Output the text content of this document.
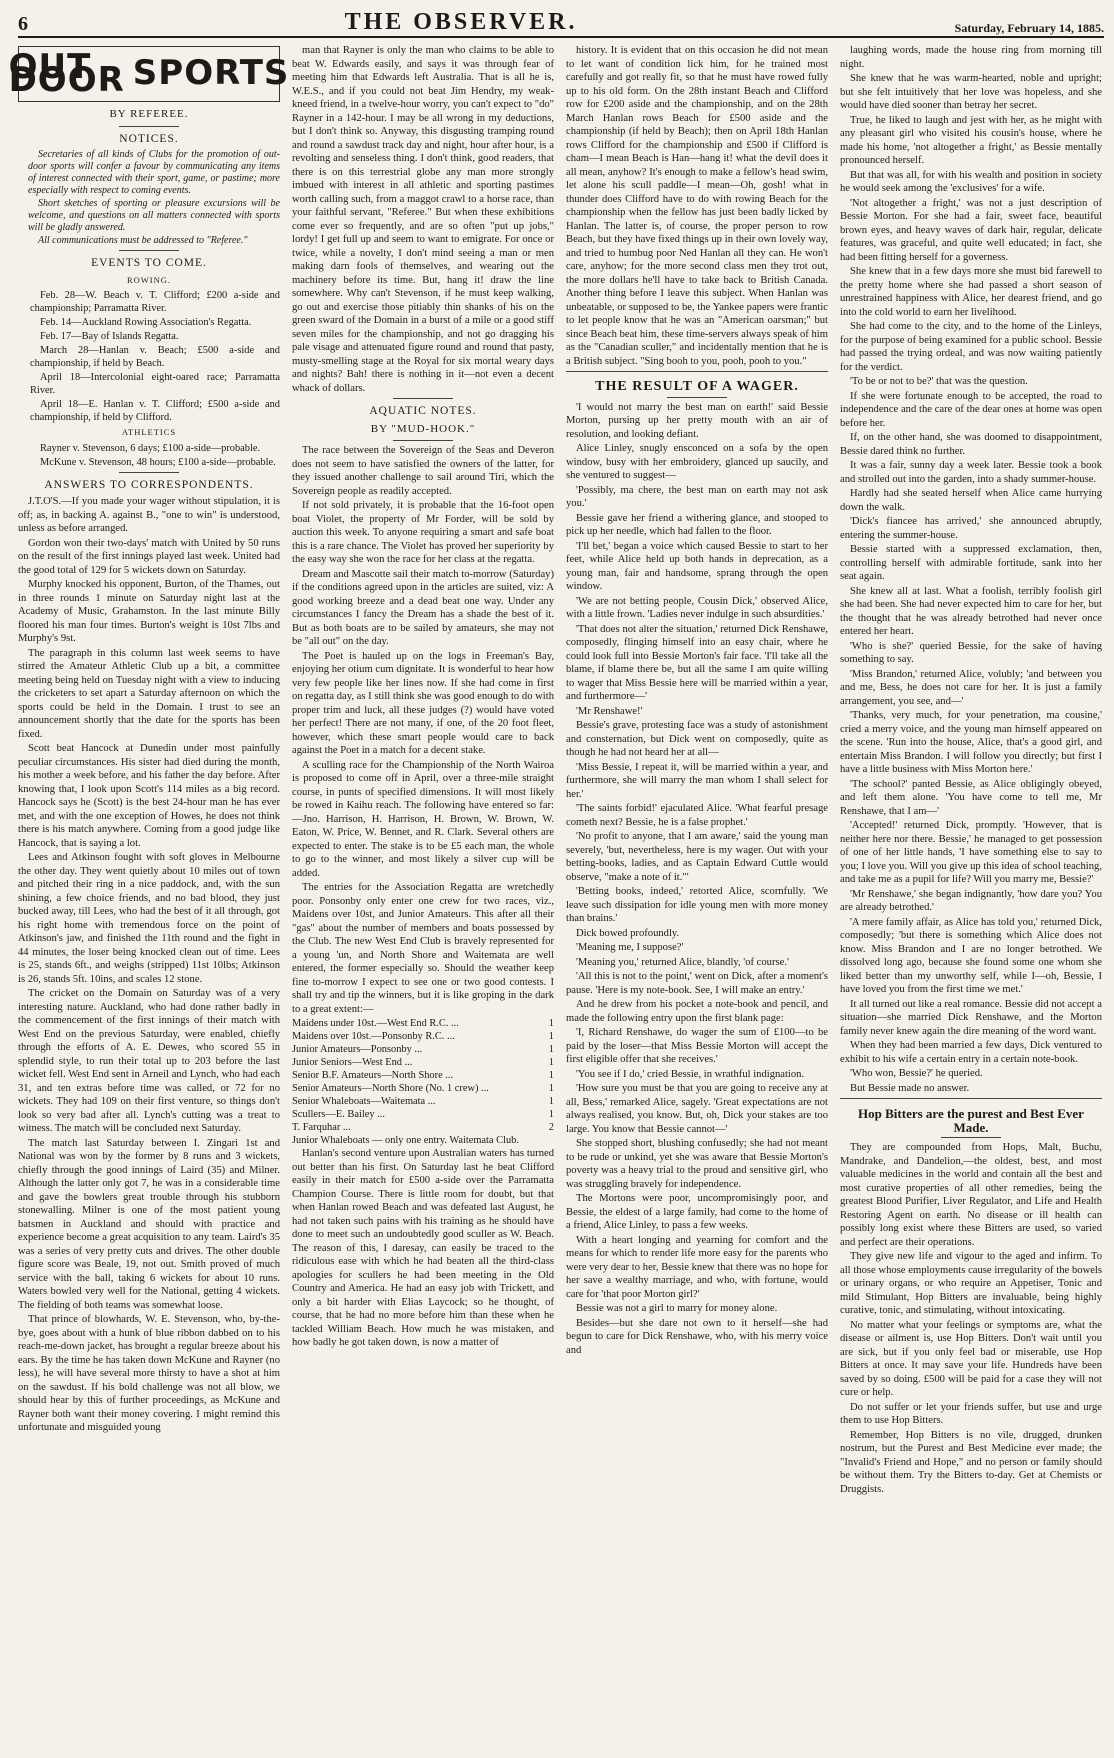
6	THE OBSERVER.	Saturday, February 14, 1885.
OUT DOOR SPORTS
BY REFEREE.
NOTICES.

Secretaries of all kinds of Clubs for the promotion of out-door sports will confer a favour by communicating any items of interest connected with their sport, game, or pastime; more especially with respect to coming events.

Short sketches of sporting or pleasure excursions will be welcome, and questions on all matters connected with sports will be gladly answered.

All communications must be addressed to "Referee."

EVENTS TO COME.
ROWING.

Feb. 28—W. Beach v. T. Clifford; £200 a-side and championship; Parramatta River.

Feb. 14—Auckland Rowing Association's Regatta.

Feb. 17—Bay of Islands Regatta.

March 28—Hanlan v. Beach; £500 a-side and championship, if held by Beach.

April 18—Intercolonial eight-oared race; Parramatta River.

April 18—E. Hanlan v. T. Clifford; £500 a-side and championship, if held by Clifford.

ATHLETICS

Rayner v. Stevenson, 6 days; £100 a-side—probable.

McKune v. Stevenson, 48 hours; £100 a-side—probable.

ANSWERS TO CORRESPONDENTS.

J.T.O'S.—If you made your wager without stipulation, it is off; as, in backing A. against B., "one to win" is understood, unless as before arranged.

Gordon won their two-days' match with United by 50 runs on the result of the first innings played last week. United had the good total of 129 for 5 wickets down on Saturday.

Murphy knocked his opponent, Burton, of the Thames, out in three rounds 1 minute on Saturday night last at the Academy of Music, Grahamston. In the last minute Billy floored his man four times. Burton's weight is 10st 7lbs and Murphy's 9st.

The paragraph in this column last week seems to have stirred the Amateur Athletic Club up a bit, a committee meeting being held on Tuesday night with a view to inducing the cricketers to set apart a Saturday afternoon on which the sports could be held in the Domain. I trust to see an announcement shortly that the date for the sports has been fixed.

Scott beat Hancock at Dunedin under most painfully peculiar circumstances. His sister had died during the month, his mother a week before, and his father the day before. After knowing that, I look upon Scott's 114 miles as a big record. Hancock says he (Scott) is the best 24-hour man he has ever met, and with the one exception of Howes, he does not think there is his match anywhere. Coming from a good judge like Hancock, that is saying a lot.

Lees and Atkinson fought with soft gloves in Melbourne the other day. They went quietly about 10 miles out of town and pitched their ring in a nice paddock, and, with the sun shining, a few choice friends, and no bad blood, they just bucked away, till Lees, who had the best of it all through, got his right home with tremendous force on the point of Atkinson's jaw, and finished the 11th round and the fight in 44 minutes, the loser being knocked clean out of time. Lees is 25, stands 6ft., and weighs (stripped) 11st 10lbs; Atkinson is 26, stands 5ft. 10ins, and scales 12 stone.

The cricket on the Domain on Saturday was of a very interesting nature. Auckland, who had done rather badly in the commencement of the first innings of their match with West End on the previous Saturday, were enabled, chiefly through the efforts of A. E. Dewes, who scored 55 in splendid style, to run their total up to 203 before the last wicket fell. West End sent in Arneil and Lynch, who had each 31, and ten extras before time was called, or 72 for no wickets. They had 109 on their first venture, so things don't look so very bad after all. Lynch's cutting was a treat to witness. The match will be concluded next Saturday.

The match last Saturday between I. Zingari 1st and National was won by the former by 8 runs and 3 wickets, chiefly through the good innings of Laird (35) and Milner. Although the latter only got 7, he was in a considerable time and gave the bowlers great trouble through his stubborn stonewalling. Milner is one of the most patient young batsmen in Auckland and should with practice and experience become a great acquisition to any team. Laird's 35 was a series of very pretty cuts and drives. The other double figure score was Beale, 19, not out. Smith proved of much service with the ball, taking 6 wickets for about 10 runs. Waters bowled very well for the National, getting 4 wickets. The fielding of both teams was somewhat loose.

That prince of blowhards, W. E. Stevenson, who, by-the-bye, goes about with a hunk of blue ribbon dabbed on to his reach-me-down jacket, has brought a regular breeze about his ears. By the time he has taken down McKune and Rayner (no less), he will have several more thirsty to have a shot at him on the sawdust. If his bold challenge was not all blow, we should hear by this of further proceedings, as McKune and Rayner both want their money covering. I might remind this unfortunate and misguided young

man that Rayner is only the man who claims to be able to beat W. Edwards easily, and says it was through fear of meeting him that Edwards left Australia. That is all he is, W.E.S., and if you could not beat Jim Hendry, my weak-kneed friend, in a twelve-hour worry, you can't expect to "do" Rayner in a 142-hour. I may be all wrong in my deductions, but I don't think so. Anyway, this disgusting tramping round and round a sawdust track day and night, hour after hour, is a revolting and senseless thing. I don't think, good readers, that there is on this terrestrial globe any man more strongly imbued with interest in all athletic and sporting pastimes worth calling such, from a maggot crawl to a horse race, than your faithful servant, "Referee." But when these exhibitions come ever so frequently, and are so often "put up jobs," lordy! I get full up and seem to want to emigrate. For once or twice, while a novelty, I don't mind seeing a man or men making darn fools of themselves, and wearing out the machinery before its time. But, hang it! draw the line somewhere. Why can't Stevenson, if he must keep walking, go out and exercise those pitiably thin shanks of his on the green sward of the Domain in a burst of a mile or a good stiff seven miles for the championship, and not go dragging his pale visage and attenuated figure round and round that pasty, musty-smelling stage at the Royal for six mortal weary days and nights? Bah! there is nothing in it—not even a decent whack of dollars.

AQUATIC NOTES.
BY "MUD-HOOK."

The race between the Sovereign of the Seas and Deveron does not seem to have satisfied the owners of the latter, for they issued another challenge to sail around Tiri, which the Sovereign people as readily accepted.

If not sold privately, it is probable that the 16-foot open boat Violet, the property of Mr Forder, will be sold by auction this week. To anyone requiring a smart and safe boat this is a rare chance. The Violet has proved her superiority by the easy way she won the race for her class at the regatta.

Dream and Mascotte sail their match to-morrow (Saturday) if the conditions agreed upon in the articles are suited, viz: A good working breeze and a dead beat one way. Under any circumstances I fancy the Dream has a shade the best of it. But as both boats are to be sailed by amateurs, she may not be "all out" on the day.

The Poet is hauled up on the logs in Freeman's Bay, enjoying her otium cum dignitate. It is wonderful to hear how very few people like her lines now. If she had come in first on regatta day, as I still think she was good enough to do with proper trim and luck, all these judges (?) would have voted her perfect! There are not many, if one, of the 20 foot fleet, however, which these smart people would care to back against the Poet in a match for a decent stake.

A sculling race for the Championship of the North Wairoa is proposed to come off in April, over a three-mile straight course, in punts of specified dimensions. It will most likely be rowed in Kaihu reach. The following have entered so far:—Jno. Harrison, H. Harrison, H. Brown, W. Brown, W. Eaton, W. Price, W. Bennet, and R. Clark. Several others are expected to enter. The stake is to be £5 each man, the whole to go to the winner, and most likely a silver cup will be added.

The entries for the Association Regatta are wretchedly poor. Ponsonby only enter one crew for two races, viz., Maidens over 10st, and Junior Amateurs. This after all their "gas" about the number of members and boats possessed by the Club. The new West End Club is bravely represented for a young 'un, and North Shore and Waitemata are well entered, the former especially so. Should the weather keep fine to-morrow I expect to see one or two good contests. I shall try and tip the winners, but it is like groping in the dark to a great extent:—

Maidens under 10st.—West End R.C. ...	1
Maidens over 10st.—Ponsonby R.C. ...	1
Junior Amateurs—Ponsonby ...	1
Junior Seniors—West End ...	1
Senior B.F. Amateurs—North Shore ...	1
Senior Amateurs—North Shore (No. 1 crew) ...	1
Senior Whaleboats—Waitemata ...	1
Scullers—E. Bailey ...	1
T. Farquhar ...	2
Junior Whaleboats — only one entry. Waitemata Club.	

Hanlan's second venture upon Australian waters has turned out better than his first. On Saturday last he beat Clifford easily in their match for £500 a-side over the Parramatta Champion Course. There is little room for doubt, but that when Hanlan rowed Beach and was defeated last August, he had not taken such pains with his training as he should have done to meet such an undoubtedly good sculler as W. Beach. The reason of this, I daresay, can easily be traced to the ridiculous ease with which he had beaten all the third-class apologies for scullers he had been meeting in the Old Country and America. He had an easy job with Trickett, and only a bit harder with Elias Laycock; so he thought, of course, that he had no more before him than these when he tackled William Beach. How much he was mistaken, and how badly he got taken down, is now a matter of

history. It is evident that on this occasion he did not mean to let want of condition lick him, for he trained most carefully and got really fit, so that he must have rowed fully up to his old form. On the 28th instant Beach and Clifford row for £200 aside and the championship, and on the 28th March Hanlan rows Beach for £500 aside and the championship (if held by Beach); then on April 18th Hanlan rows Clifford for the championship and £500 if Clifford is cham—I mean Beach is Han—hang it! what the devil does it all mean, anyhow? It's enough to make a fellow's head swim, let alone his scull paddle—I mean—Oh, gosh! what in thunder does Clifford have to do with rowing Beach for the championship when the fellow has just been badly licked by Hanlan. The latter is, of course, the proper person to row Beach, but they have fixed things up in their own lovely way, and tried to humbug poor Ned Hanlan all they can. He won't care, anyhow; for the more second class men they trot out, the more dollars he'll have to take back to British Canada. Another thing before I leave this subject. When Hanlan was unbeatable, or supposed to be, the Yankee papers were frantic to let people know that he was an "American oarsman;" but since Beach beat him, these time-servers always speak of him as the "Canadian sculler," and incidentally mention that he is a British subject. "Sing booh to you, pooh, pooh to you."

THE RESULT OF A WAGER.

'I would not marry the best man on earth!' said Bessie Morton, pursing up her pretty mouth with an air of resolution, and looking defiant.

Alice Linley, snugly ensconced on a sofa by the open window, busy with her embroidery, glanced up saucily, and she ventured to suggest—

'Possibly, ma chere, the best man on earth may not ask you.'

Bessie gave her friend a withering glance, and stooped to pick up her needle, which had fallen to the floor.

'I'll bet,' began a voice which caused Bessie to start to her feet, while Alice held up both hands in deprecation, as a young man, fair and handsome, sprang through the open window.

'We are not betting people, Cousin Dick,' observed Alice, with a little frown. 'Ladies never indulge in such absurdities.'

'That does not alter the situation,' returned Dick Renshawe, composedly, flinging himself into an easy chair, where he could look full into Bessie Morton's fair face. 'I'll take all the blame, if blame there be, but all the same I am quite willing to wager that Miss Bessie here will be married within a year, and furthermore—'

'Mr Renshawe!'

Bessie's grave, protesting face was a study of astonishment and consternation, but Dick went on composedly, quite as though he had not heard her at all—

'Miss Bessie, I repeat it, will be married within a year, and furthermore, she will marry the man whom I shall select for her.'

'The saints forbid!' ejaculated Alice. 'What fearful presage cometh next? Bessie, he is a false prophet.'

'No profit to anyone, that I am aware,' said the young man severely, 'but, nevertheless, here is my wager. Out with your betting-books, ladies, and as Captain Edward Cuttle would observe, "make a note of it."'

'Betting books, indeed,' retorted Alice, scornfully. 'We leave such dissipation for idle young men with more money than brains.'

Dick bowed profoundly.

'Meaning me, I suppose?'

'Meaning you,' returned Alice, blandly, 'of course.'

'All this is not to the point,' went on Dick, after a moment's pause. 'Here is my note-book. See, I will make an entry.'

And he drew from his pocket a note-book and pencil, and made the following entry upon the first blank page:

'I, Richard Renshawe, do wager the sum of £100—to be paid by the loser—that Miss Bessie Morton will accept the first eligible offer that she receives.'

'You see if I do,' cried Bessie, in wrathful indignation.

'How sure you must be that you are going to receive any at all, Bess,' remarked Alice, sagely. 'Great expectations are not always realised, you know. But, oh, Dick your stakes are too large. You know that Bessie cannot—'

She stopped short, blushing confusedly; she had not meant to be rude or unkind, yet she was aware that Bessie Morton's poverty was a heavy trial to the proud and sensitive girl, who was struggling bravely for independence.

The Mortons were poor, uncompromisingly poor, and Bessie, the eldest of a large family, had come to the home of a friend, Alice Linley, to pass a few weeks.

With a heart longing and yearning for comfort and the means for which to render life more easy for the parents who were very dear to her, Bessie knew that there was no hope for her save a wealthy marriage, and who, with fortune, would care for 'that poor Morton girl?'

Bessie was not a girl to marry for money alone.

Besides—but she dare not own to it herself—she had begun to care for Dick Renshawe, who, with his merry voice and

laughing words, made the house ring from morning till night.

She knew that he was warm-hearted, noble and upright; but she felt intuitively that her love was hopeless, and she would have died sooner than betray her secret.

True, he liked to laugh and jest with her, as he might with any pleasant girl who visited his cousin's house, where he made his home, 'not altogether a fright,' as Bessie mentally pronounced herself.

But that was all, for with his wealth and position in society he would seek among the 'exclusives' for a wife.

'Not altogether a fright,' was not a just description of Bessie Morton. For she had a fair, sweet face, beautiful brown eyes, and heavy waves of dark hair, regular, delicate features, was graceful, and quite well educated; in fact, she had been fitting herself for a governess.

She knew that in a few days more she must bid farewell to the pretty home where she had passed a short season of unrestrained happiness with Alice, her dearest friend, and go into the cold world to earn her livelihood.

She had come to the city, and to the home of the Linleys, for the purpose of being examined for a public school. Bessie had passed the trying ordeal, and was now waiting patiently for the verdict.

'To be or not to be?' that was the question.

If she were fortunate enough to be accepted, the road to independence and the care of the dear ones at home was open before her.

If, on the other hand, she was doomed to disappointment, Bessie dared think no further.

It was a fair, sunny day a week later. Bessie took a book and strolled out into the garden, into a shady summer-house.

Hardly had she seated herself when Alice came hurrying down the walk.

'Dick's fiancee has arrived,' she announced abruptly, entering the summer-house.

Bessie started with a suppressed exclamation, then, controlling herself with admirable fortitude, sank into her seat again.

She knew all at last. What a foolish, terribly foolish girl she had been. She had never expected him to care for her, but the thought that he was already betrothed had never once entered her heart.

'Who is she?' queried Bessie, for the sake of having something to say.

'Miss Brandon,' returned Alice, volubly; 'and between you and me, Bess, he does not care for her. It is just a family arrangement, you see, and—'

'Thanks, very much, for your penetration, ma cousine,' cried a merry voice, and the young man himself appeared on the scene. 'Run into the house, Alice, that's a good girl, and entertain Miss Brandon. I will follow you directly; but first I have a little business with Miss Morton here.'

'The school?' panted Bessie, as Alice obligingly obeyed, and left them alone. 'You have come to tell me, Mr Renshawe, that I am—'

'Accepted!' returned Dick, promptly. 'However, that is neither here nor there. Bessie,' he managed to get possession of one of her little hands, 'I have something else to say to you; I love you. Will you give up this idea of school teaching, and take me as a pupil for life? Will you marry me, Bessie?'

'Mr Renshawe,' she began indignantly, 'how dare you? You are already betrothed.'

'A mere family affair, as Alice has told you,' returned Dick, composedly; 'but there is something which Alice does not know. Miss Brandon and I are no longer betrothed. We dissolved long ago, because she found some one whom she liked better than my unworthy self, while I—oh, Bessie, I have loved you from the first time we met.'

It all turned out like a real romance. Bessie did not accept a situation—she married Dick Renshawe, and the Morton family never knew again the dire meaning of the word want.

When they had been married a few days, Dick ventured to exhibit to his wife a certain entry in a certain note-book.

'Who won, Bessie?' he queried.

But Bessie made no answer.

Hop Bitters are the purest and Best Ever Made.

They are compounded from Hops, Malt, Buchu, Mandrake, and Dandelion,—the oldest, best, and most valuable medicines in the world and contain all the best and most curative properties of all other remedies, being the greatest Blood Purifier, Liver Regulator, and Life and Health Restoring Agent on earth. No disease or ill health can possibly long exist where these Bitters are used, so varied and perfect are their operations.

They give new life and vigour to the aged and infirm. To all those whose employments cause irregularity of the bowels or urinary organs, or who require an Appetiser, Tonic and mild Stimulant, Hop Bitters are invaluable, being highly curative, tonic, and stimulating, without intoxicating.

No matter what your feelings or symptoms are, what the disease or ailment is, use Hop Bitters. Don't wait until you are sick, but if you only feel bad or miserable, use Hop Bitters at once. It may save your life. Hundreds have been saved by so doing. £500 will be paid for a case they will not cure or help.

Do not suffer or let your friends suffer, but use and urge them to use Hop Bitters.

Remember, Hop Bitters is no vile, drugged, drunken nostrum, but the Purest and Best Medicine ever made; the "Invalid's Friend and Hope," and no person or family should be without them. Try the Bitters to-day. Get at Chemists or Druggists.
